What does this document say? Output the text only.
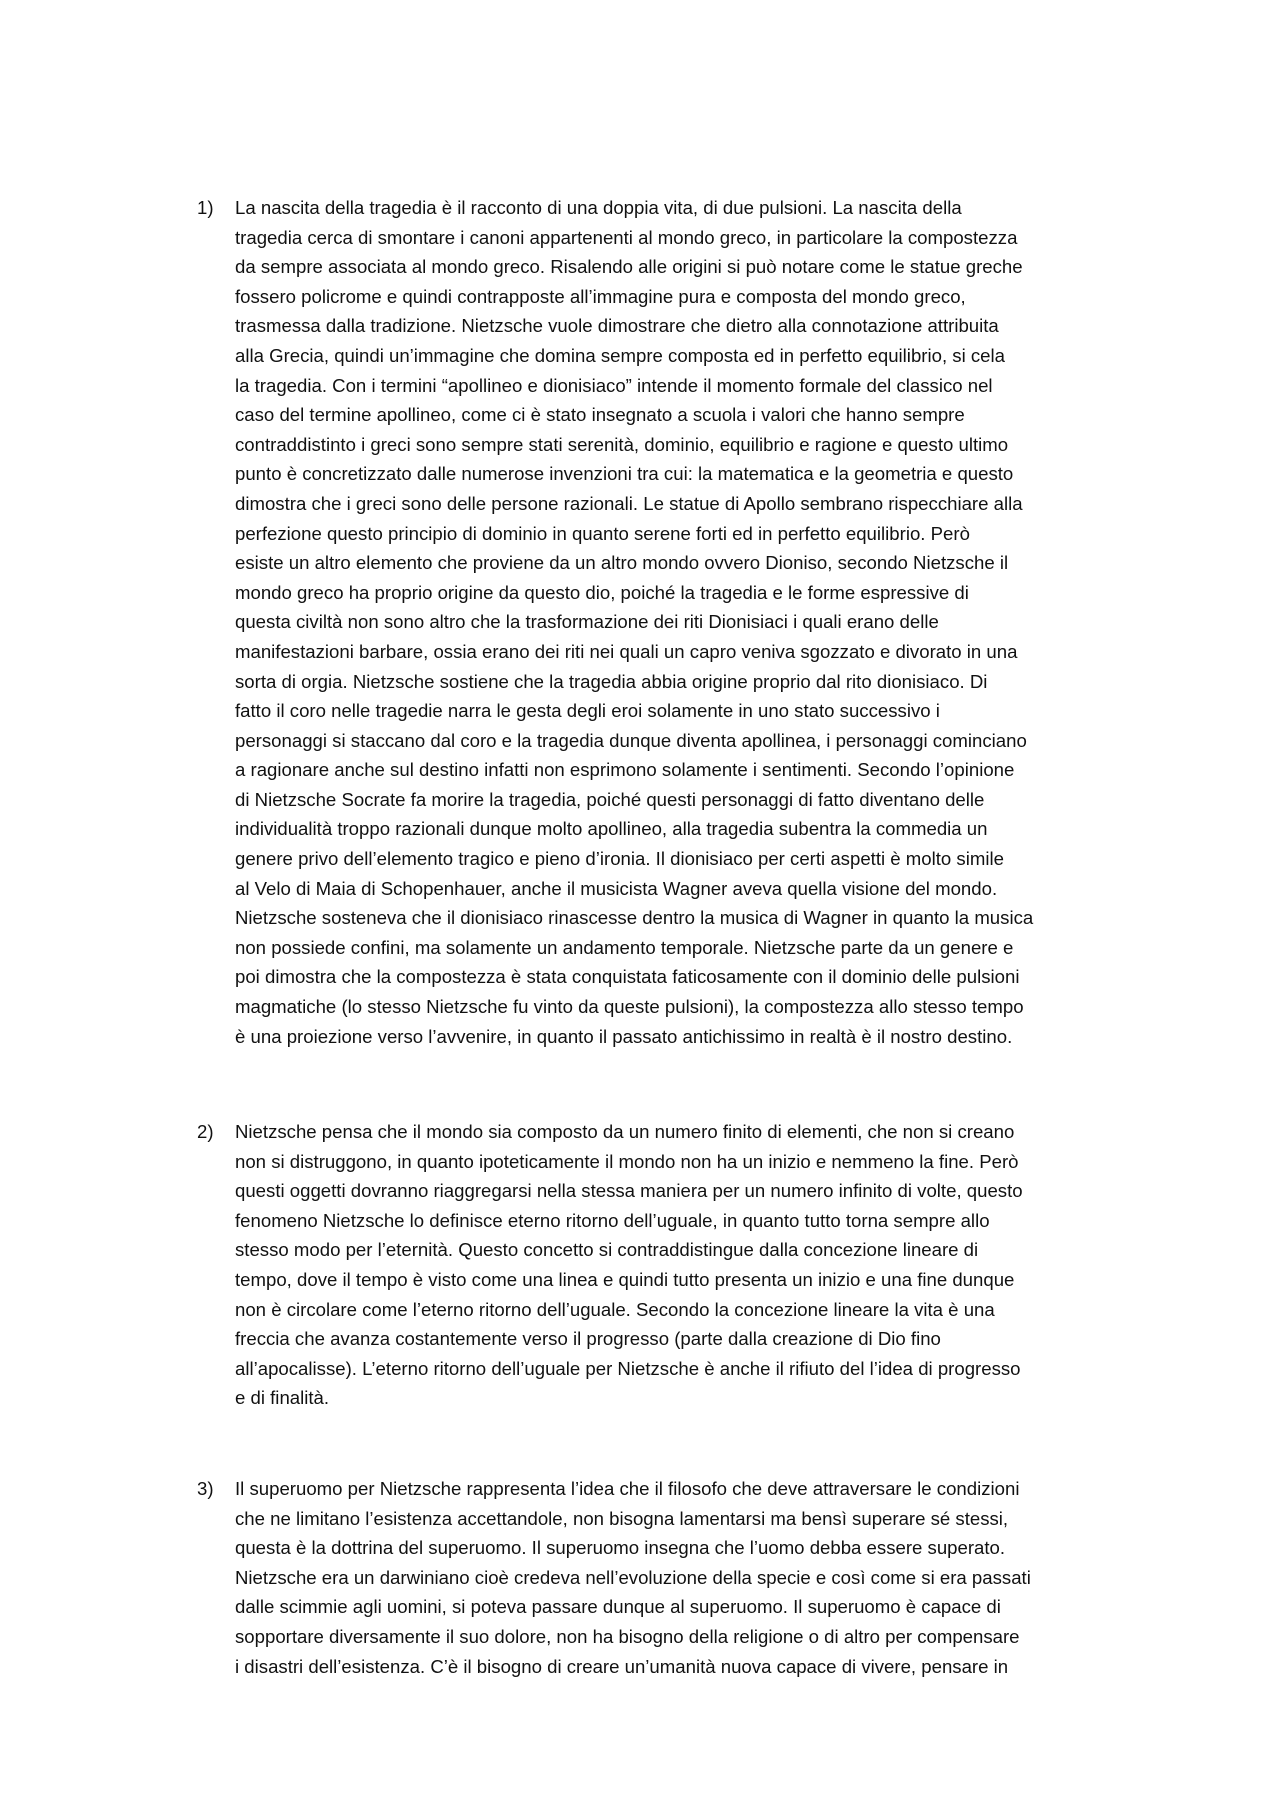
1) La nascita della tragedia è il racconto di una doppia vita, di due pulsioni. La nascita della
tragedia cerca di smontare i canoni appartenenti al mondo greco, in particolare la compostezza
da sempre associata al mondo greco. Risalendo alle origini si può notare come le statue greche
fossero policrome e quindi contrapposte all’immagine pura e composta del mondo greco,
trasmessa dalla tradizione. Nietzsche vuole dimostrare che dietro alla connotazione attribuita
alla Grecia, quindi un’immagine che domina sempre composta ed in perfetto equilibrio, si cela
la tragedia. Con i termini “apollineo e dionisiaco” intende il momento formale del classico nel
caso del termine apollineo, come ci è stato insegnato a scuola i valori che hanno sempre
contraddistinto i greci sono sempre stati serenità, dominio, equilibrio e ragione e questo ultimo
punto è concretizzato dalle numerose invenzioni tra cui: la matematica e la geometria e questo
dimostra che i greci sono delle persone razionali. Le statue di Apollo sembrano rispecchiare alla
perfezione questo principio di dominio in quanto serene forti ed in perfetto equilibrio. Però
esiste un altro elemento che proviene da un altro mondo ovvero Dioniso, secondo Nietzsche il
mondo greco ha proprio origine da questo dio, poiché la tragedia e le forme espressive di
questa civiltà non sono altro che la trasformazione dei riti Dionisiaci i quali erano delle
manifestazioni barbare, ossia erano dei riti nei quali un capro veniva sgozzato e divorato in una
sorta di orgia. Nietzsche sostiene che la tragedia abbia origine proprio dal rito dionisiaco. Di
fatto il coro nelle tragedie narra le gesta degli eroi solamente in uno stato successivo i
personaggi si staccano dal coro e la tragedia dunque diventa apollinea, i personaggi cominciano
a ragionare anche sul destino infatti non esprimono solamente i sentimenti. Secondo l’opinione
di Nietzsche Socrate fa morire la tragedia, poiché questi personaggi di fatto diventano delle
individualità troppo razionali dunque molto apollineo, alla tragedia subentra la commedia un
genere privo dell’elemento tragico e pieno d’ironia. Il dionisiaco per certi aspetti è molto simile
al Velo di Maia di Schopenhauer, anche il musicista Wagner aveva quella visione del mondo.
Nietzsche sosteneva che il dionisiaco rinascesse dentro la musica di Wagner in quanto la musica
non possiede confini, ma solamente un andamento temporale. Nietzsche parte da un genere e
poi dimostra che la compostezza è stata conquistata faticosamente con il dominio delle pulsioni
magmatiche (lo stesso Nietzsche fu vinto da queste pulsioni), la compostezza allo stesso tempo
è una proiezione verso l’avvenire, in quanto il passato antichissimo in realtà è il nostro destino.
2) Nietzsche pensa che il mondo sia composto da un numero finito di elementi, che non si creano
non si distruggono, in quanto ipoteticamente il mondo non ha un inizio e nemmeno la fine. Però
questi oggetti dovranno riaggregarsi nella stessa maniera per un numero infinito di volte, questo
fenomeno Nietzsche lo definisce eterno ritorno dell’uguale, in quanto tutto torna sempre allo
stesso modo per l’eternità. Questo concetto si contraddistingue dalla concezione lineare di
tempo, dove il tempo è visto come una linea e quindi tutto presenta un inizio e una fine dunque
non è circolare come l’eterno ritorno dell’uguale. Secondo la concezione lineare la vita è una
freccia che avanza costantemente verso il progresso (parte dalla creazione di Dio fino
all’apocalisse). L’eterno ritorno dell’uguale per Nietzsche è anche il rifiuto del l’idea di progresso
e di finalità.
3) Il superuomo per Nietzsche rappresenta l’idea che il filosofo che deve attraversare le condizioni
che ne limitano l’esistenza accettandole, non bisogna lamentarsi ma bensì superare sé stessi,
questa è la dottrina del superuomo. Il superuomo insegna che l’uomo debba essere superato.
Nietzsche era un darwiniano cioè credeva nell’evoluzione della specie e così come si era passati
dalle scimmie agli uomini, si poteva passare dunque al superuomo. Il superuomo è capace di
sopportare diversamente il suo dolore, non ha bisogno della religione o di altro per compensare
i disastri dell’esistenza. C’è il bisogno di creare un’umanità nuova capace di vivere, pensare in
